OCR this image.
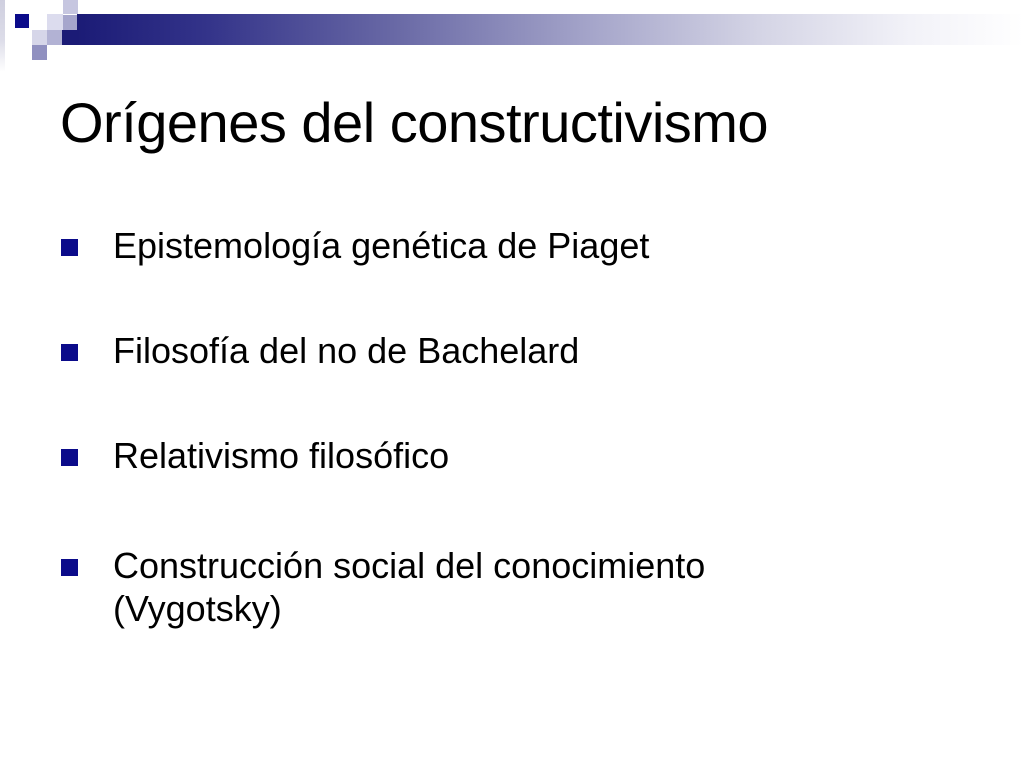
Orígenes del constructivismo
Epistemología genética de Piaget
Filosofía del no de Bachelard
Relativismo filosófico
Construcción social del conocimiento (Vygotsky)
